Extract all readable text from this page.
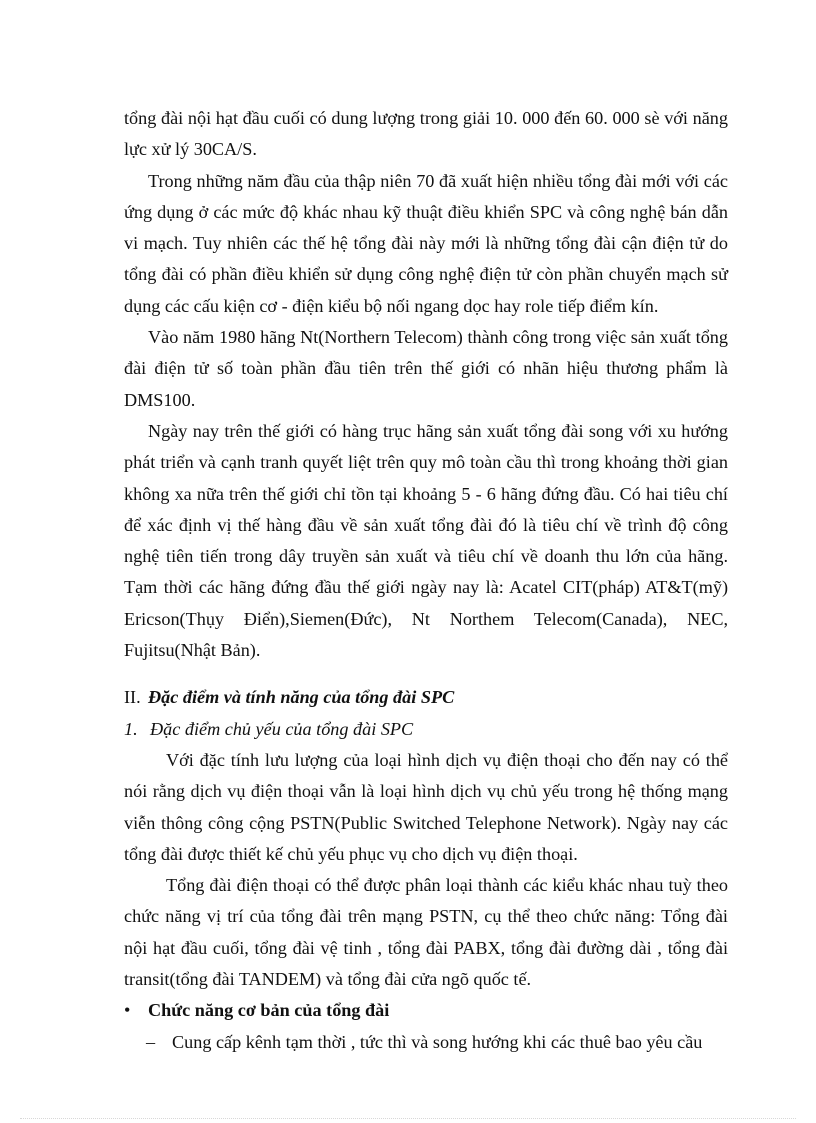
tổng đài nội hạt đầu cuối có dung lượng trong giải 10. 000 đến 60. 000 sè với năng lực xử lý 30CA/S.

Trong những năm đầu của thập niên 70 đã xuất hiện nhiều tổng đài mới với các ứng dụng ở các mức độ khác nhau kỹ thuật điều khiển SPC và công nghệ bán dẫn vi mạch. Tuy nhiên các thế hệ tổng đài này mới là những tổng đài cận điện tử do tổng đài có phần điều khiển sử dụng công nghệ điện tử còn phần chuyển mạch sử dụng các cấu kiện cơ - điện kiểu bộ nối ngang dọc hay role tiếp điểm kín.

Vào năm 1980 hãng Nt(Northern Telecom) thành công trong việc sản xuất tổng đài điện tử số toàn phần đầu tiên trên thế giới có nhãn hiệu thương phẩm là DMS100.

Ngày nay trên thế giới có hàng trục hãng sản xuất tổng đài song với xu hướng phát triển và cạnh tranh quyết liệt trên quy mô toàn cầu thì trong khoảng thời gian không xa nữa trên thế giới chỉ tồn tại khoảng 5 - 6 hãng đứng đầu. Có hai tiêu chí để xác định vị thế hàng đầu về sản xuất tổng đài đó là tiêu chí về trình độ công nghệ tiên tiến trong dây truyền sản xuất và tiêu chí về doanh thu lớn của hãng. Tạm thời các hãng đứng đầu thế giới ngày nay là: Acatel CIT(pháp) AT&T(mỹ) Ericson(Thụy Điển),Siemen(Đức), Nt Northem Telecom(Canada), NEC, Fujitsu(Nhật Bản).

II. Đặc điểm và tính năng của tổng đài SPC

1. Đặc điểm chủ yếu của tổng đài SPC

Với đặc tính lưu lượng của loại hình dịch vụ điện thoại cho đến nay có thể nói rằng dịch vụ điện thoại vẫn là loại hình dịch vụ chủ yếu trong hệ thống mạng viễn thông công cộng PSTN(Public Switched Telephone Network). Ngày nay các tổng đài được thiết kế chủ yếu phục vụ cho dịch vụ điện thoại.

Tổng đài điện thoại có thể được phân loại thành các kiểu khác nhau tuỳ theo chức năng vị trí của tổng đài trên mạng PSTN, cụ thể theo chức năng: Tổng đài nội hạt đầu cuối, tổng đài vệ tinh , tổng đài PABX, tổng đài đường dài , tổng đài transit(tổng đài TANDEM) và tổng đài cửa ngõ quốc tế.

• Chức năng cơ bản của tổng đài

– Cung cấp kênh tạm thời , tức thì và song hướng khi các thuê bao yêu cầu
